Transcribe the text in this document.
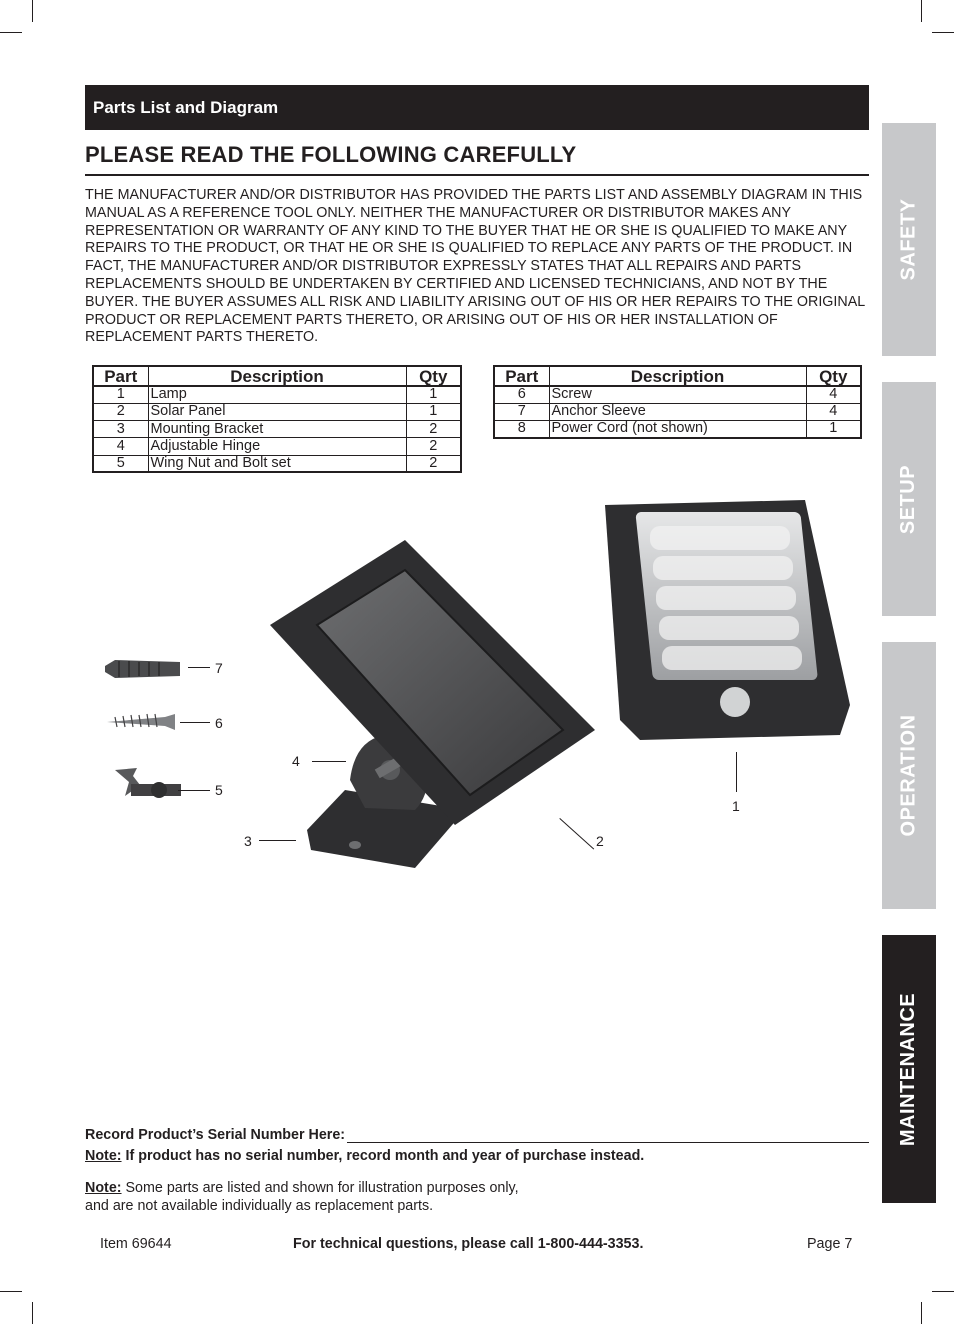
Parts List and Diagram
PLEASE READ THE FOLLOWING CAREFULLY
THE MANUFACTURER AND/OR DISTRIBUTOR HAS PROVIDED THE PARTS LIST AND ASSEMBLY DIAGRAM IN THIS MANUAL AS A REFERENCE TOOL ONLY. NEITHER THE MANUFACTURER OR DISTRIBUTOR MAKES ANY REPRESENTATION OR WARRANTY OF ANY KIND TO THE BUYER THAT HE OR SHE IS QUALIFIED TO MAKE ANY REPAIRS TO THE PRODUCT, OR THAT HE OR SHE IS QUALIFIED TO REPLACE ANY PARTS OF THE PRODUCT. IN FACT, THE MANUFACTURER AND/OR DISTRIBUTOR EXPRESSLY STATES THAT ALL REPAIRS AND PARTS REPLACEMENTS SHOULD BE UNDERTAKEN BY CERTIFIED AND LICENSED TECHNICIANS, AND NOT BY THE BUYER. THE BUYER ASSUMES ALL RISK AND LIABILITY ARISING OUT OF HIS OR HER REPAIRS TO THE ORIGINAL PRODUCT OR REPLACEMENT PARTS THERETO, OR ARISING OUT OF HIS OR HER INSTALLATION OF REPLACEMENT PARTS THERETO.
Part	Description	Qty
1	Lamp	1
2	Solar Panel	1
3	Mounting Bracket	2
4	Adjustable Hinge	2
5	Wing Nut and Bolt set	2
Part	Description	Qty
6	Screw	4
7	Anchor Sleeve	4
8	Power Cord (not shown)	1
7
6
5
4
3	2
1
Record Product’s Serial Number Here:
Note: If product has no serial number, record month and year of purchase instead.
Note: Some parts are listed and shown for illustration purposes only,
and are not available individually as replacement parts.
Item 69644	For technical questions, please call 1-800-444-3353.	Page 7
SAFETY
SETUP
OPERATION
MAINTENANCE
